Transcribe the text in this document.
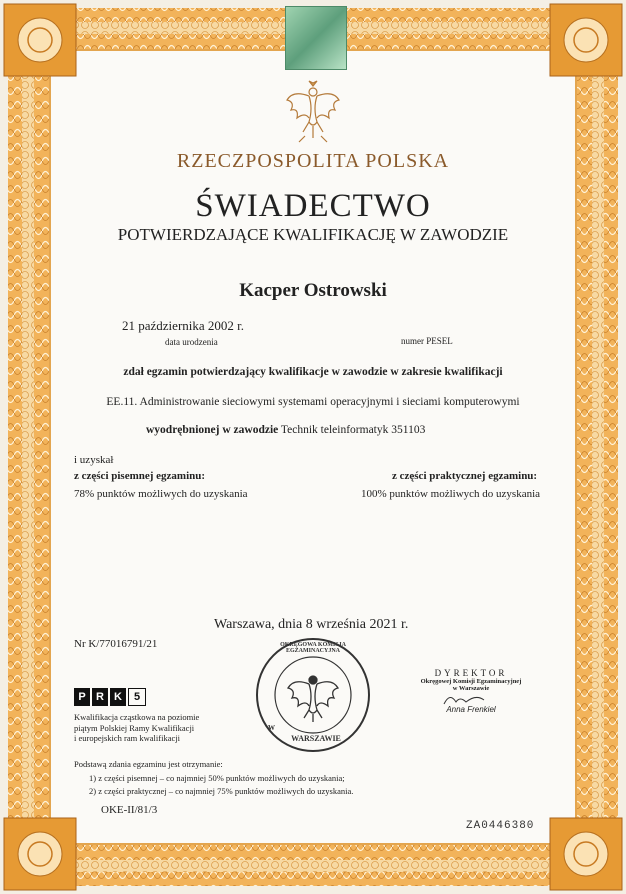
RZECZPOSPOLITA POLSKA
ŚWIADECTWO
POTWIERDZAJĄCE KWALIFIKACJĘ W ZAWODZIE
Kacper Ostrowski
21 października 2002 r.
data urodzenia	numer PESEL
zdał egzamin potwierdzający kwalifikacje w zawodzie w zakresie kwalifikacji
EE.11. Administrowanie sieciowymi systemami operacyjnymi i sieciami komputerowymi
wyodrębnionej w zawodzie Technik teleinformatyk 351103
i uzyskał
z części pisemnej egzaminu:
78% punktów możliwych do uzyskania
z części praktycznej egzaminu:
100% punktów możliwych do uzyskania
Warszawa, dnia 8 września 2021 r.
Nr K/77016791/21	OKRĘGOWA KOMISJA EGZAMINACYJNA
W
WARSZAWIE
DYREKTOR
Okręgowej Komisji Egzaminacyjnej
w Warszawie
Anna Frenkiel
P R K	5
Kwalifikacja cząstkowa na poziomie
piątym Polskiej Ramy Kwalifikacji
i europejskich ram kwalifikacji
Podstawą zdania egzaminu jest otrzymanie:
1) z części pisemnej – co najmniej 50% punktów możliwych do uzyskania;
2) z części praktycznej – co najmniej 75% punktów możliwych do uzyskania.
OKE-II/81/3
ZA0446380
